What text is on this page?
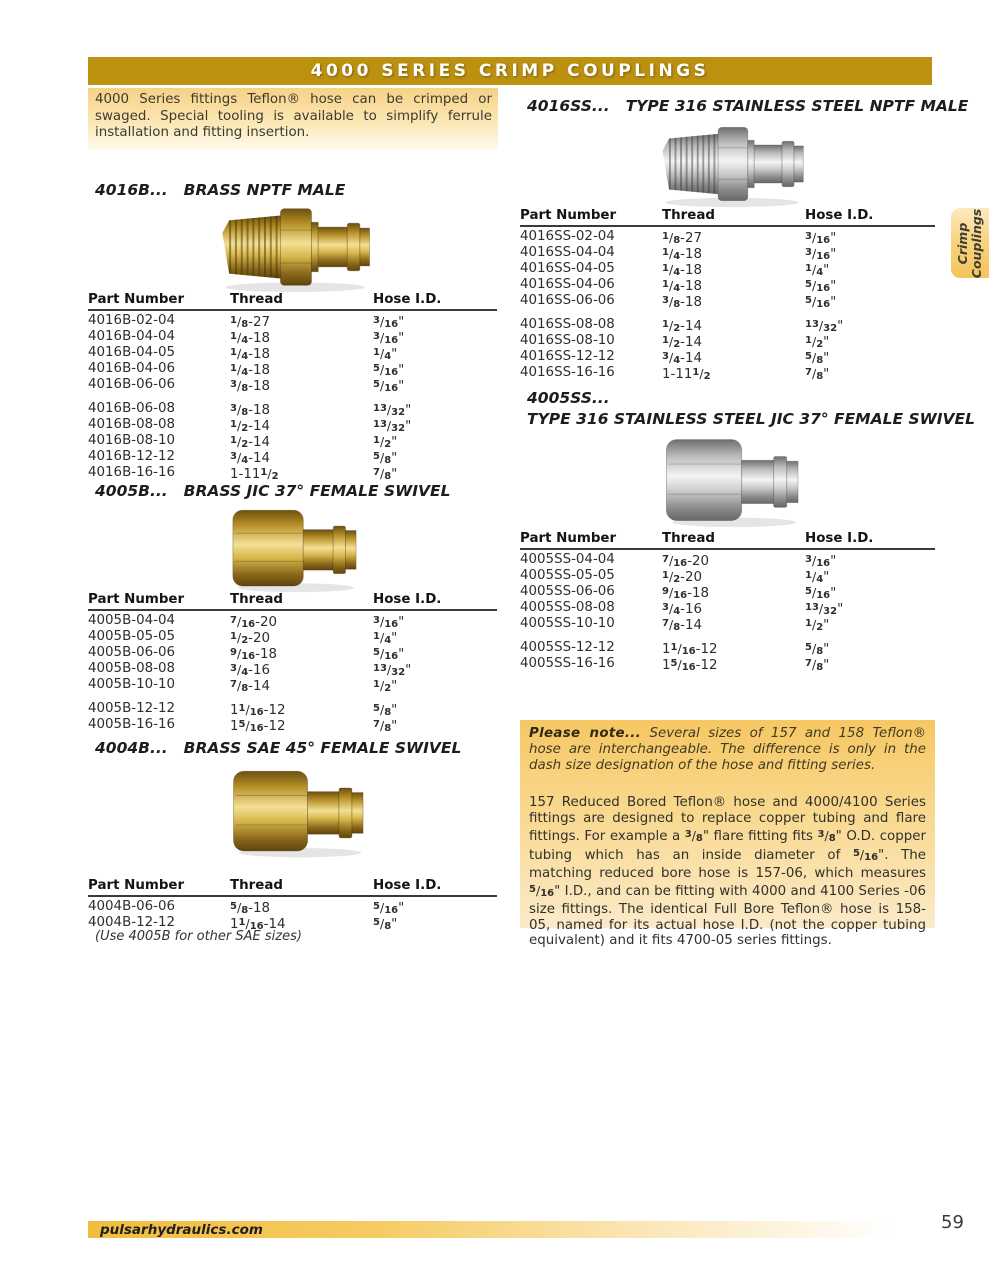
4000 SERIES CRIMP COUPLINGS

4000 Series fittings Teflon® hose can be crimped or swaged. Special tooling is available to simplify ferrule installation and fitting insertion.

4016B... BRASS NPTF MALE
Part Number	Thread	Hose I.D.
4016B-02-04	$^1$/8-27	$^3$/16"
4016B-04-04	$^1$/4-18	$^3$/16"
4016B-04-05	$^1$/4-18	$^1$/4"
4016B-04-06	$^1$/4-18	$^5$/16"
4016B-06-06	$^3$/8-18	$^5$/16"
4016B-06-08	$^3$/8-18	$^{13}$/32"
4016B-08-08	$^1$/2-14	$^{13}$/32"
4016B-08-10	$^1$/2-14	$^1$/2"
4016B-12-12	$^3$/4-14	$^5$/8"
4016B-16-16	$1-11^1/2$	$^7$/8"
4005B... BRASS JIC 37° FEMALE SWIVEL
Part Number	Thread	Hose I.D.
4005B-04-04	$^7$/16-20	$^3$/16"
4005B-05-05	$^1$/2-20	$^1$/4"
4005B-06-06	$^9$/16-18	$^5$/16"
4005B-08-08	$^3$/4-16	$^{13}$/32"
4005B-10-10	$^7$/8-14	$^1$/2"
4005B-12-12	$1^1/16-12$	$^5$/8"
4005B-16-16	$1^5/16-12$	$^7$/8"
4004B... BRASS SAE 45° FEMALE SWIVEL
Part Number	Thread	Hose I.D.
4004B-06-06	$^5$/8-18	$^5$/16"
4004B-12-12	$1^1/16-14$	$^5$/8"
(Use 4005B for other SAE sizes)
4016SS... TYPE 316 STAINLESS STEEL NPTF MALE
Part Number	Thread	Hose I.D.
4016SS-02-04	$^1$/8-27	$^3$/16"
4016SS-04-04	$^1$/4-18	$^3$/16"
4016SS-04-05	$^1$/4-18	$^1$/4"
4016SS-04-06	$^1$/4-18	$^5$/16"
4016SS-06-06	$^3$/8-18	$^5$/16"
4016SS-08-08	$^1$/2-14	$^{13}$/32"
4016SS-08-10	$^1$/2-14	$^1$/2"
4016SS-12-12	$^3$/4-14	$^5$/8"
4016SS-16-16	$1-11^1/2$	$^7$/8"
4005SS...
TYPE 316 STAINLESS STEEL JIC 37° FEMALE SWIVEL
Part Number	Thread	Hose I.D.
4005SS-04-04	$^7$/16-20	$^3$/16"
4005SS-05-05	$^1$/2-20	$^1$/4"
4005SS-06-06	$^9$/16-18	$^5$/16"
4005SS-08-08	$^3$/4-16	$^{13}$/32"
4005SS-10-10	$^7$/8-14	$^1$/2"
4005SS-12-12	$1^1/16-12$	$^5$/8"
4005SS-16-16	$1^5/16-12$	$^7$/8"

Please note... Several sizes of 157 and 158 Teflon® hose are interchangeable. The difference is only in the dash size designation of the hose and fitting series.

157 Reduced Bored Teflon® hose and 4000/4100 Series fittings are designed to replace copper tubing and flare fittings. For example a $^3$/8" flare fitting fits $^3$/8" O.D. copper tubing which has an inside diameter of $^5$/16". The matching reduced bore hose is 157-06, which measures $^5$/16" I.D., and can be fitting with 4000 and 4100 Series -06 size fittings. The identical Full Bore Teflon® hose is 158-05, named for its actual hose I.D. (not the copper tubing equivalent) and it fits 4700-05 series fittings.

Crimp
Couplings
pulsarhydraulics.com	59
